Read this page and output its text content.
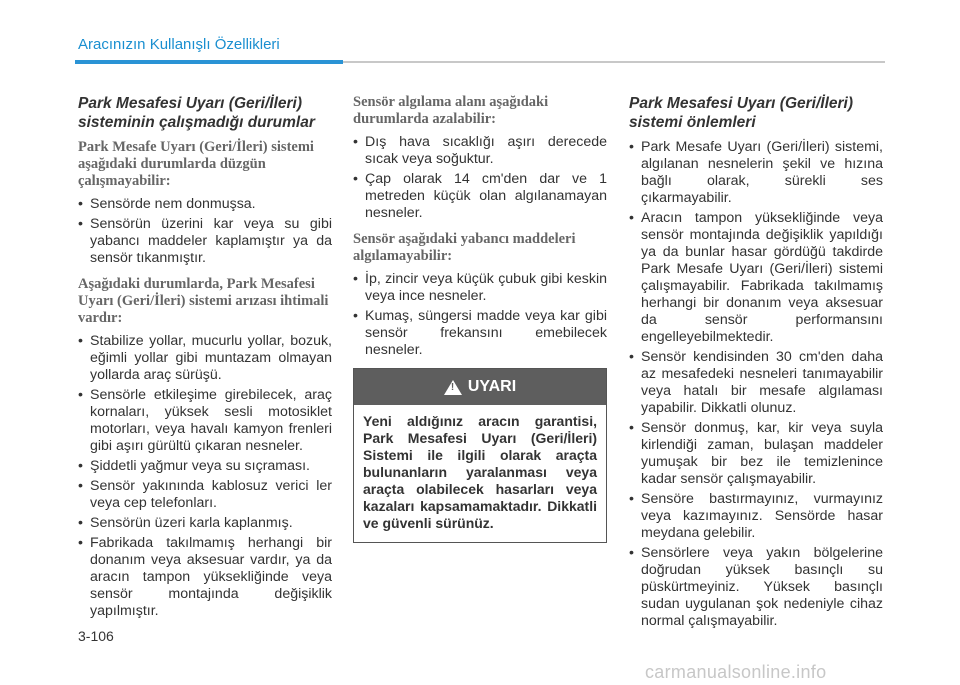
Aracınızın Kullanışlı Özellikleri
Park Mesafesi Uyarı (Geri/İleri) sisteminin çalışmadığı durumlar

Park Mesafe Uyarı (Geri/İleri) sistemi aşağıdaki durumlarda düzgün çalışmayabilir:

• Sensörde nem donmuşsa.
• Sensörün üzerini kar veya su gibi yabancı maddeler kaplamıştır ya da sensör tıkanmıştır.

Aşağıdaki durumlarda, Park Mesafesi Uyarı (Geri/İleri) sistemi arızası ihtimali vardır:

• Stabilize yollar, mucurlu yollar, bozuk, eğimli yollar gibi muntazam olmayan yollarda araç sürüşü.
• Sensörle etkileşime girebilecek, araç kornaları, yüksek sesli motosiklet motorları, veya havalı kamyon frenleri gibi aşırı gürültü çıkaran nesneler.
• Şiddetli yağmur veya su sıçraması.
• Sensör yakınında kablosuz verici ler veya cep telefonları.
• Sensörün üzeri karla kaplanmış.
• Fabrikada takılmamış herhangi bir donanım veya aksesuar vardır, ya da aracın tampon yüksekliğinde veya sensör montajında değişiklik yapılmıştır.

Sensör algılama alanı aşağıdaki durumlarda azalabilir:

• Dış hava sıcaklığı aşırı derecede sıcak veya soğuktur.
• Çap olarak 14 cm'den dar ve 1 metreden küçük olan algılanamayan nesneler.

Sensör aşağıdaki yabancı maddeleri algılamayabilir:

• İp, zincir veya küçük çubuk gibi keskin veya ince nesneler.
• Kumaş, süngersi madde veya kar gibi sensör frekansını emebilecek nesneler.
! UYARI
Yeni aldığınız aracın garantisi, Park Mesafesi Uyarı (Geri/İleri) Sistemi ile ilgili olarak araçta bulunanların yaralanması veya araçta olabilecek hasarları veya kazaları kapsamamaktadır. Dikkatli ve güvenli sürünüz.
Park Mesafesi Uyarı (Geri/İleri) sistemi önlemleri
• Park Mesafe Uyarı (Geri/İleri) sistemi, algılanan nesnelerin şekil ve hızına bağlı olarak, sürekli ses çıkarmayabilir.
• Aracın tampon yüksekliğinde veya sensör montajında değişiklik yapıldığı ya da bunlar hasar gördüğü takdirde Park Mesafe Uyarı (Geri/İleri) sistemi çalışmayabilir. Fabrikada takılmamış herhangi bir donanım veya aksesuar da sensör performansını engelleyebilmektedir.
• Sensör kendisinden 30 cm'den daha az mesafedeki nesneleri tanımayabilir veya hatalı bir mesafe algılaması yapabilir. Dikkatli olunuz.
• Sensör donmuş, kar, kir veya suyla kirlendiği zaman, bulaşan maddeler yumuşak bir bez ile temizlenince kadar sensör çalışmayabilir.
• Sensöre bastırmayınız, vurmayınız veya kazımayınız. Sensörde hasar meydana gelebilir.
• Sensörlere veya yakın bölgelerine doğrudan yüksek basınçlı su püskürtmeyiniz. Yüksek basınçlı sudan uygulanan şok nedeniyle cihaz normal çalışmayabilir.
3-106
carmanualsonline.info
